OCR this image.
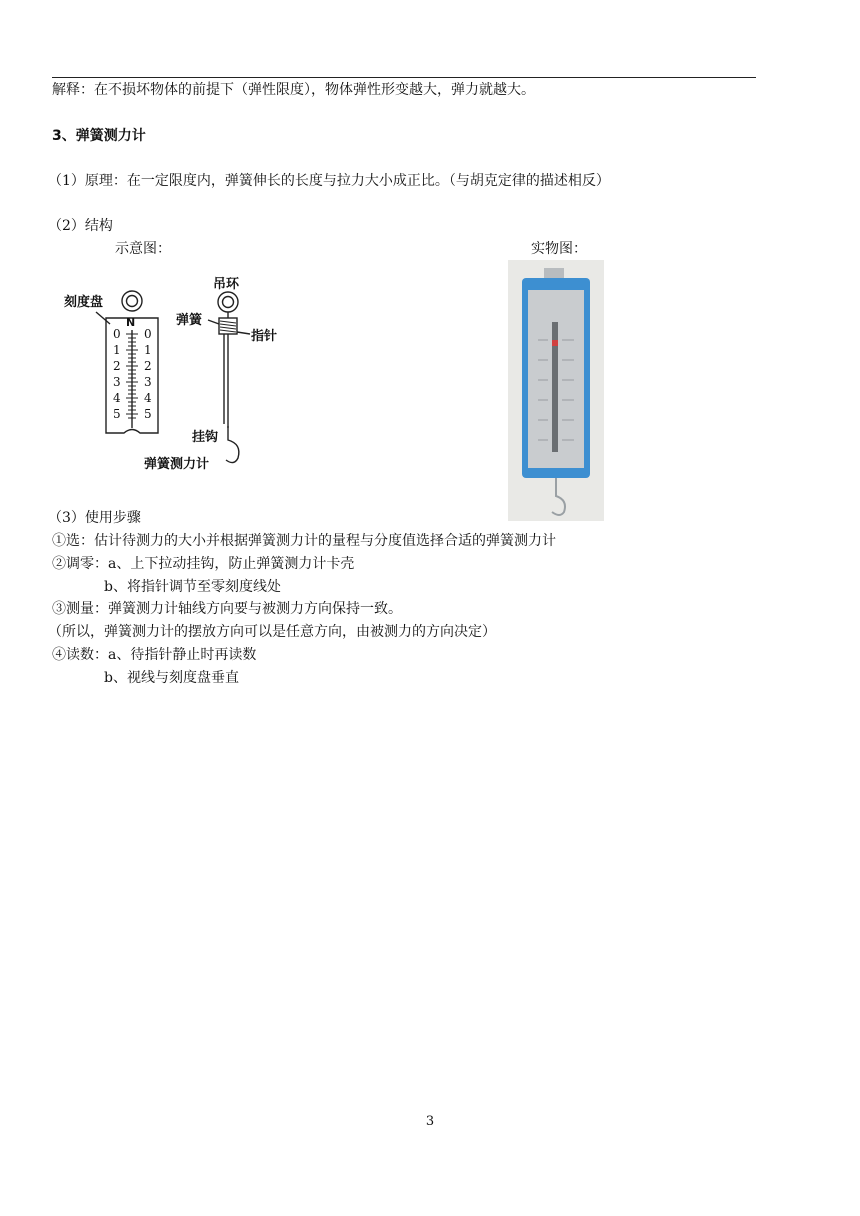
解释：在不损坏物体的前提下（弹性限度），物体弹性形变越大，弹力就越大。
3、弹簧测力计
（1）原理：在一定限度内，弹簧伸长的长度与拉力大小成正比。（与胡克定律的描述相反）
（2）结构
示意图：	实物图：
刻度盘
N
吊环
弹簧
指针
挂钩
弹簧测力计
0
1
2
3
4
5
0
1
2
3
4
5
（3）使用步骤
①选：估计待测力的大小并根据弹簧测力计的量程与分度值选择合适的弹簧测力计
②调零：a、上下拉动挂钩，防止弹簧测力计卡壳
b、将指针调节至零刻度线处
③测量：弹簧测力计轴线方向要与被测力方向保持一致。
（所以，弹簧测力计的摆放方向可以是任意方向，由被测力的方向决定）
④读数：a、待指针静止时再读数
b、视线与刻度盘垂直
3
